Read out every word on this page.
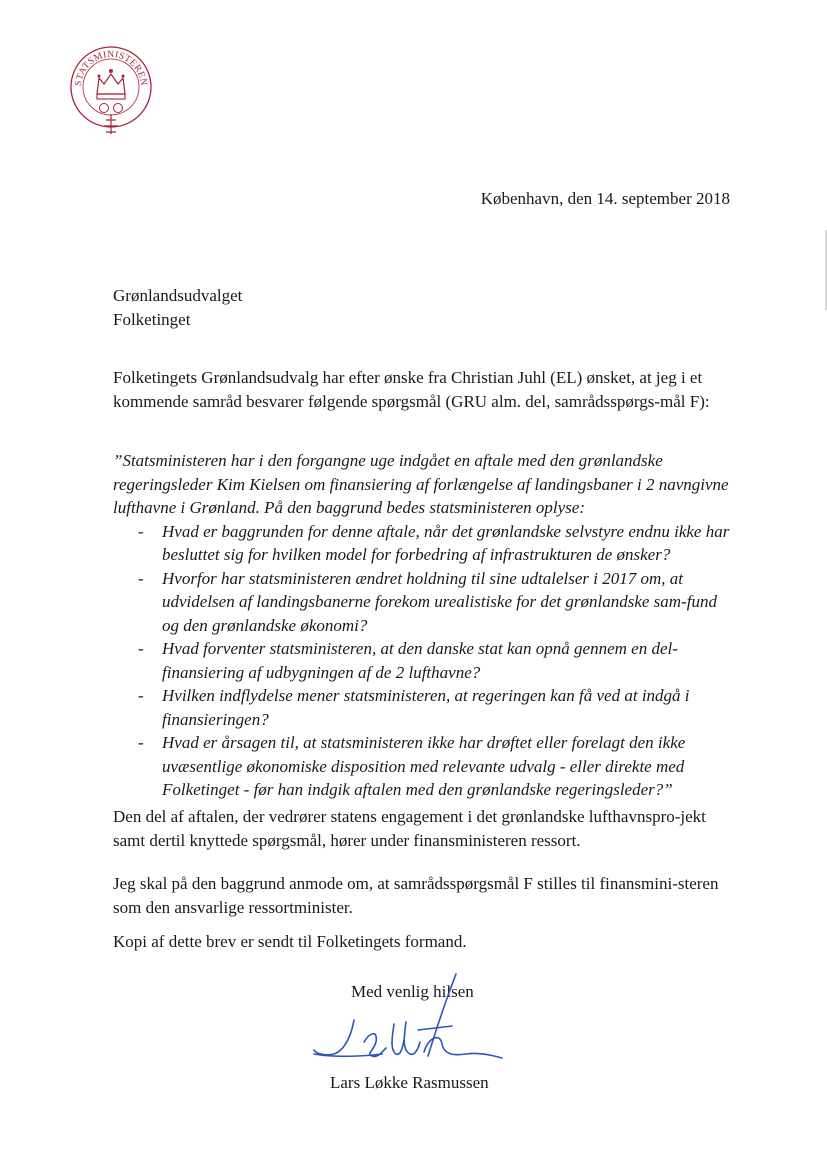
STATSMINISTEREN
København, den 14. september 2018
Grønlandsudvalget
Folketinget
Folketingets Grønlandsudvalg har efter ønske fra Christian Juhl (EL) ønsket, at jeg i et kommende samråd besvarer følgende spørgsmål (GRU alm. del, samrådsspørgs-mål F):
”Statsministeren har i den forgangne uge indgået en aftale med den grønlandske regeringsleder Kim Kielsen om finansiering af forlængelse af landingsbaner i 2 navngivne lufthavne i Grønland. På den baggrund bedes statsministeren oplyse:
- Hvad er baggrunden for denne aftale, når det grønlandske selvstyre endnu ikke har besluttet sig for hvilken model for forbedring af infrastrukturen de ønsker?
- Hvorfor har statsministeren ændret holdning til sine udtalelser i 2017 om, at udvidelsen af landingsbanerne forekom urealistiske for det grønlandske sam-fund og den grønlandske økonomi?
- Hvad forventer statsministeren, at den danske stat kan opnå gennem en del-finansiering af udbygningen af de 2 lufthavne?
- Hvilken indflydelse mener statsministeren, at regeringen kan få ved at indgå i finansieringen?
- Hvad er årsagen til, at statsministeren ikke har drøftet eller forelagt den ikke uvæsentlige økonomiske disposition med relevante udvalg - eller direkte med Folketinget - før han indgik aftalen med den grønlandske regeringsleder?”
Den del af aftalen, der vedrører statens engagement i det grønlandske lufthavnspro-jekt samt dertil knyttede spørgsmål, hører under finansministeren ressort.
Jeg skal på den baggrund anmode om, at samrådsspørgsmål F stilles til finansmini-steren som den ansvarlige ressortminister.
Kopi af dette brev er sendt til Folketingets formand.
Med venlig hilsen
Lars Løkke Rasmussen
